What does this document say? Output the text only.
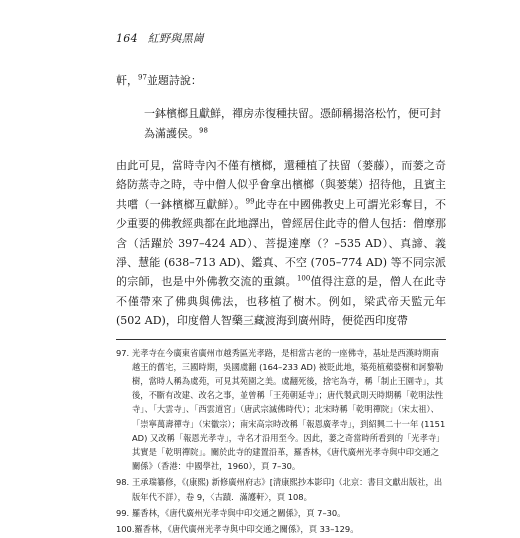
164 紅野與黑崗

軒，$^{97}$並題詩說：

一鉢檳榔且獻鮮，禪房赤復種扶留。憑師稱揚洛松竹，便可封為滿護侯。$^{98}$

由此可見，當時寺內不僅有檳榔，還種植了扶留（蒌藤），而蒌之奇絡防蒸寺之時，寺中僧人似乎會拿出檳榔（與蒌葉）招待他，且賓主共嚐（一鉢檳榔互獻鮮）。$^{99}$此寺在中國佛教史上可謂光彩奪目，不少重要的佛教經典都在此地譯出，曾經居住此寺的僧人包括：僧摩那含（活躍於 397–424 AD）、菩提達摩（？–535 AD）、真諦、義淨、慧能 (638–713 AD)、鑑真、不空 (705–774 AD) 等不同宗派的宗師，也是中外佛教交流的重鎮。$^{100}$值得注意的是，僧人在此寺不僅帶來了佛典與佛法，也移植了樹木。例如，梁武帝天監元年 (502 AD)，印度僧人智藥三藏渡海到廣州時，便從西印度帶

97. 光孝寺在今廣東省廣州市越秀區光孝路，是相當古老的一座佛寺，基址是西漢時期南越王的舊宅，三國時期，吳國虞翻 (164–233 AD) 被貶此地，築苑植蘋婆樹和訶黎勒樹，當時人稱為虞苑，可見其苑園之美。虞翻死後，捨宅為寺，稱「制止王園寺」，其後，不斷有改建、改名之事，並曾稱「王苑朝延寺」；唐代製武則天時期稱「乾明法性寺」、「大雲寺」、「西雲道宮」（唐武宗滅佛時代）；北宋時稱「乾明禪院」（宋太祖）、「崇寧萬壽禪寺」（宋徽宗）；南宋高宗時改稱「報恩廣孝寺」，到紹興二十一年 (1151 AD) 又改稱「報恩光孝寺」，寺名才沿用至今。因此，蒌之奇當時所看到的「光孝寺」其實是「乾明禪院」。關於此寺的建置沿革，羅香林，《唐代廣州光孝寺與中印交通之關係》（香港：中國學社，1960），頁 7–30。
98. 王承瑞纂修，《(康熙) 新修廣州府志》[清康熙抄本影印]（北京：書目文獻出版社，出版年代不詳），卷 9，〈古蹟．滿護軒〉，頁 108。
99. 羅香林，《唐代廣州光孝寺與中印交通之關係》，頁 7–30。
100. 羅香林，《唐代廣州光孝寺與中印交通之關係》，頁 33–129。
